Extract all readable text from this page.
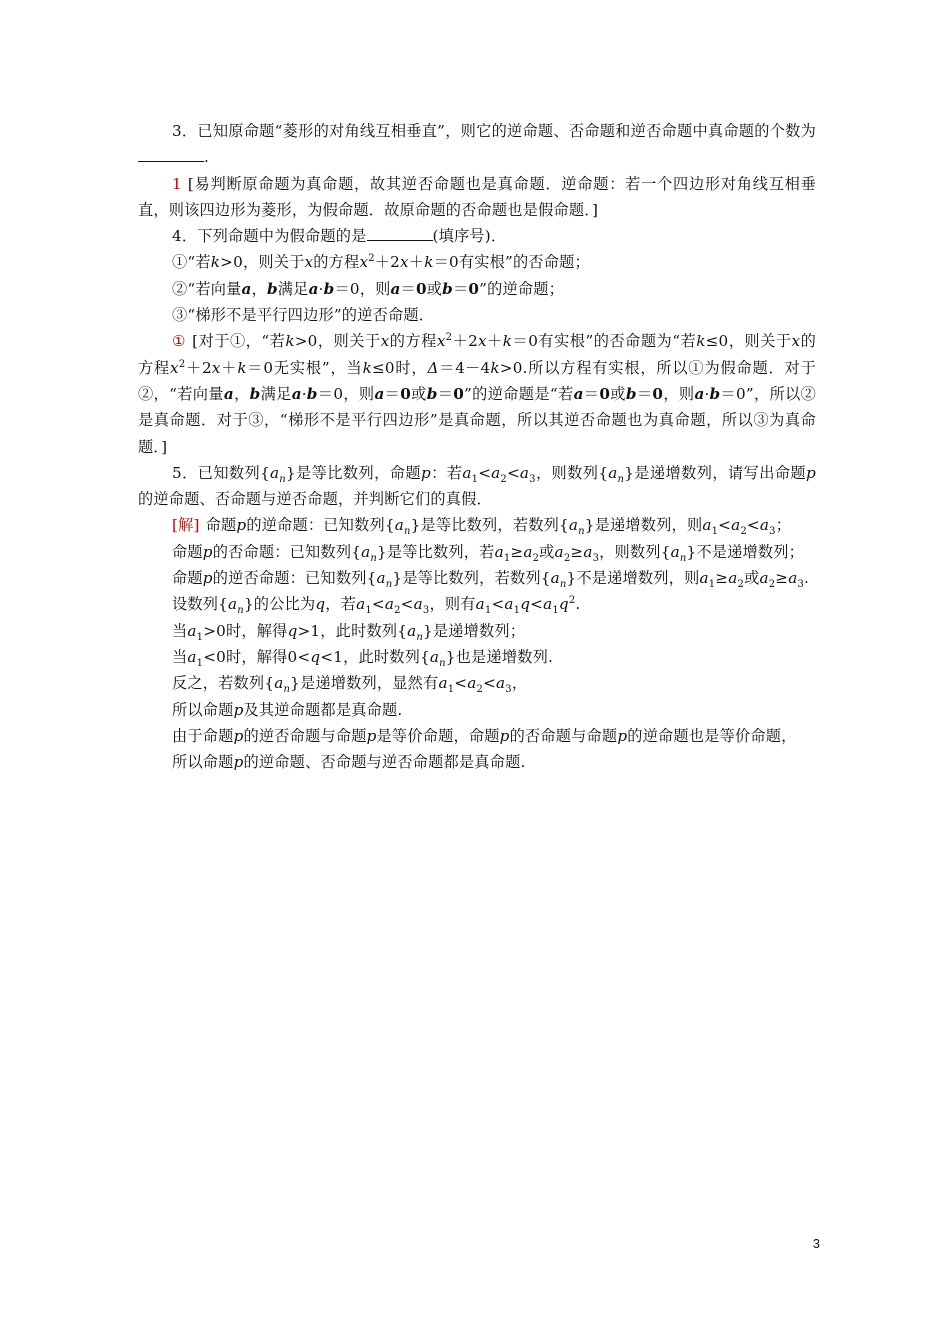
3．已知原命题“菱形的对角线互相垂直”，则它的逆命题、否命题和逆否命题中真命题的个数为.

1 [易判断原命题为真命题，故其逆否命题也是真命题．逆命题：若一个四边形对角线互相垂直，则该四边形为菱形，为假命题．故原命题的否命题也是假命题．]

4．下列命题中为假命题的是	(填序号)．

①“若k>0，则关于x的方程$x^2+2x+k=0$有实根”的否命题；

②“若向量a，b满足a·b＝0，则a＝0或b＝0”的逆命题；

③“梯形不是平行四边形”的逆否命题．

① [对于①，“若k>0，则关于x的方程$x^2+2x+k=0$有实根”的否命题为“若k≤0，则关于x的方程$x^2+2x+k=0$无实根”，当k≤0时，Δ＝4－4k>0.所以方程有实根，所以①为假命题．对于②，“若向量a，b满足a·b＝0，则a＝0或b＝0”的逆命题是“若a＝0或b＝0，则a·b＝0”，所以②是真命题．对于③，“梯形不是平行四边形”是真命题，所以其逆否命题也为真命题，所以③为真命题．]

5．已知数列$\{a_n\}$是等比数列，命题p：若$a_1<a_2<a_3$，则数列$\{a_n\}$是递增数列，请写出命题p的逆命题、否命题与逆否命题，并判断它们的真假．

[解] 命题p的逆命题：已知数列$\{a_n\}$是等比数列，若数列$\{a_n\}$是递增数列，则$a_1<a_2<a_3$；

命题p的否命题：已知数列$\{a_n\}$是等比数列，若$a_1\ge a_2$或$a_2\ge a_3$，则数列$\{a_n\}$不是递增数列；

命题p的逆否命题：已知数列$\{a_n\}$是等比数列，若数列$\{a_n\}$不是递增数列，则$a_1\ge a_2$或$a_2\ge a_3$.

设数列$\{a_n\}$的公比为q，若$a_1<a_2<a_3$，则有$a_1<a_1q<a_1q^2$.

当$a_1>0$时，解得q>1，此时数列$\{a_n\}$是递增数列；

当$a_1<0$时，解得0<q<1，此时数列$\{a_n\}$也是递增数列.

反之，若数列$\{a_n\}$是递增数列，显然有$a_1<a_2<a_3$，

所以命题p及其逆命题都是真命题.

由于命题p的逆否命题与命题p是等价命题，命题p的否命题与命题p的逆命题也是等价命题，

所以命题p的逆命题、否命题与逆否命题都是真命题.

3
